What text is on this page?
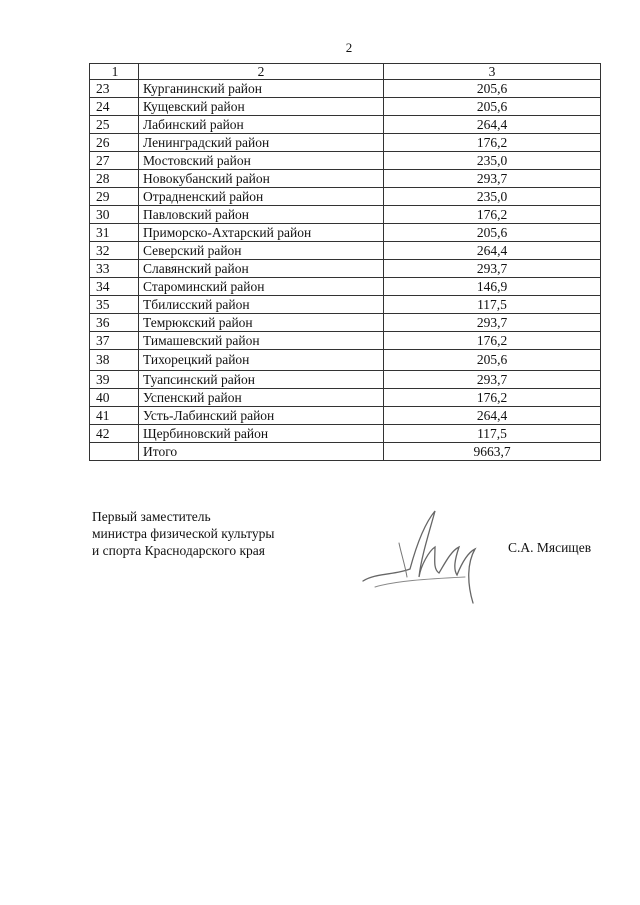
2
1	2	3
23	Курганинский район	205,6
24	Кущевский район	205,6
25	Лабинский район	264,4
26	Ленинградский район	176,2
27	Мостовский район	235,0
28	Новокубанский район	293,7
29	Отрадненский район	235,0
30	Павловский район	176,2
31	Приморско-Ахтарский район	205,6
32	Северский район	264,4
33	Славянский район	293,7
34	Староминский район	146,9
35	Тбилисский район	117,5
36	Темрюкский район	293,7
37	Тимашевский район	176,2
38	Тихорецкий район	205,6
39	Туапсинский район	293,7
40	Успенский район	176,2
41	Усть-Лабинский район	264,4
42	Щербиновский район	117,5
	Итого	9663,7
Первый заместитель
министра физической культуры
и спорта Краснодарского края	С.А. Мясищев
